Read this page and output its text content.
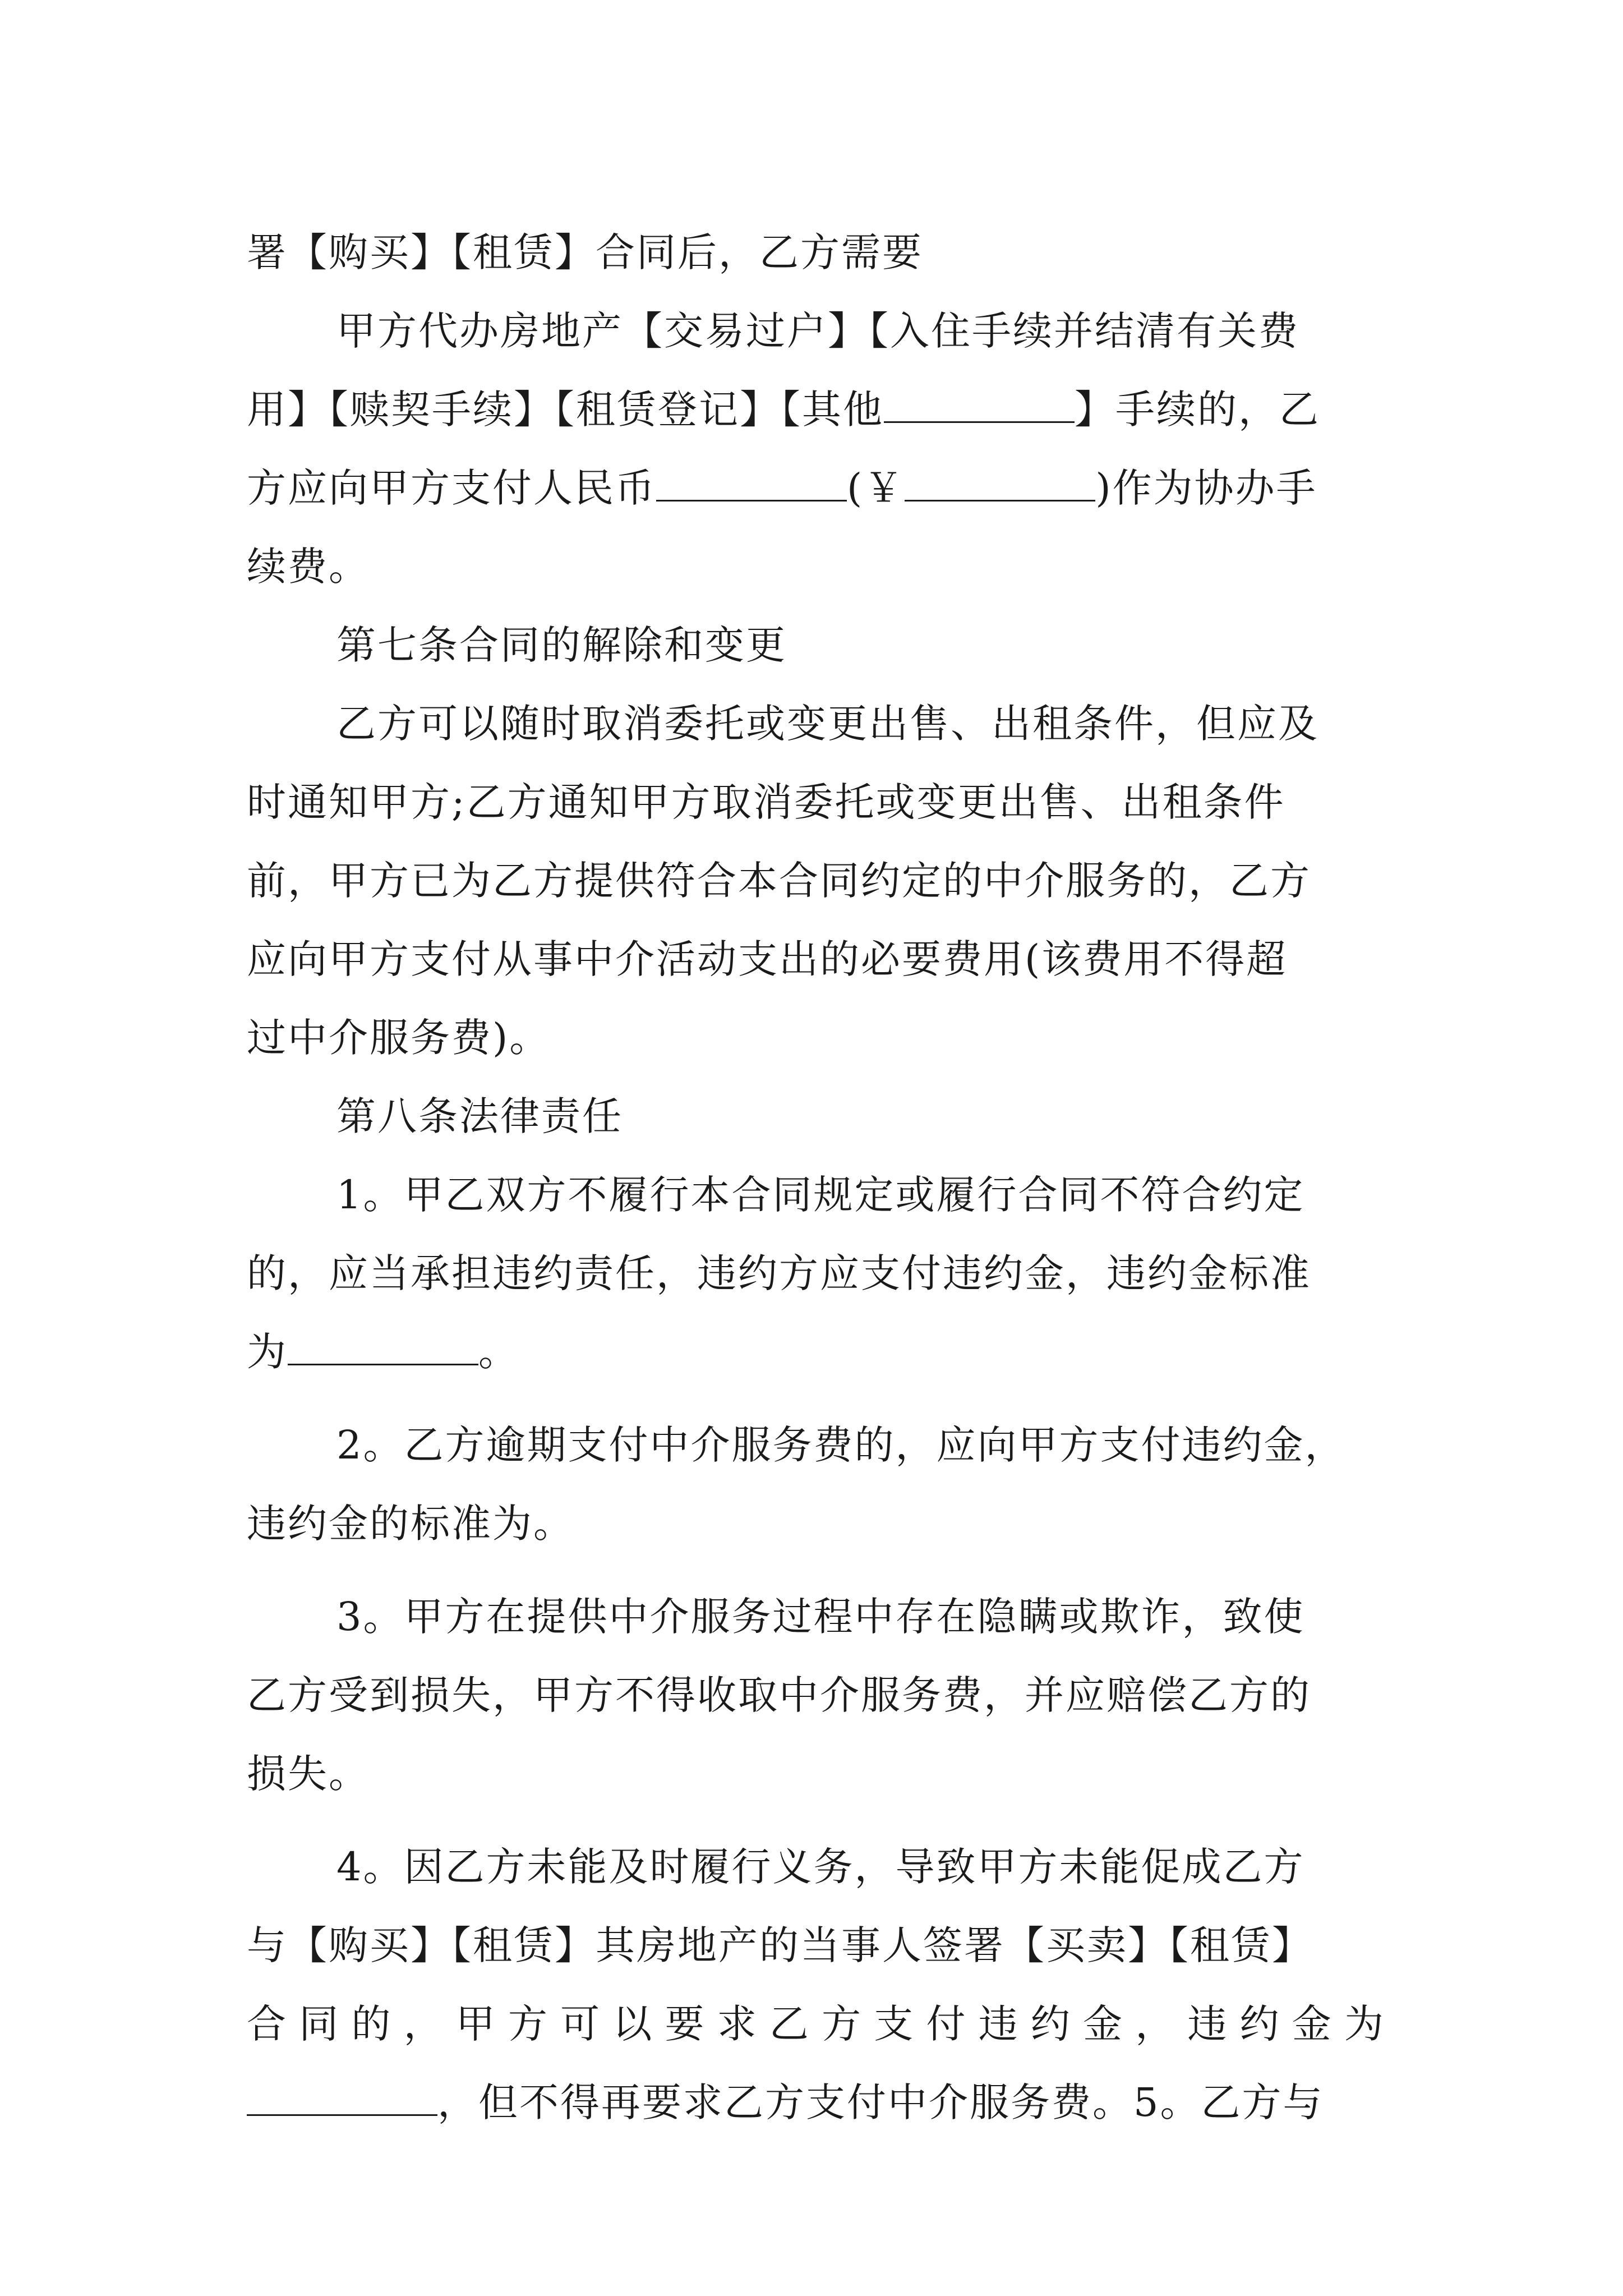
署【购买】【租赁】合同后，乙方需要
甲方代办房地产【交易过户】【入住手续并结清有关费
用】【赎契手续】【租赁登记】【其他	】手续的，乙
方应向甲方支付人民币	(￥	)作为协办手
续费。
第七条合同的解除和变更
乙方可以随时取消委托或变更出售、出租条件，但应及
时通知甲方;乙方通知甲方取消委托或变更出售、出租条件
前，甲方已为乙方提供符合本合同约定的中介服务的，乙方
应向甲方支付从事中介活动支出的必要费用(该费用不得超
过中介服务费)。
第八条法律责任
1。甲乙双方不履行本合同规定或履行合同不符合约定
的，应当承担违约责任，违约方应支付违约金，违约金标准
为	。
2。乙方逾期支付中介服务费的，应向甲方支付违约金，
违约金的标准为。
3。甲方在提供中介服务过程中存在隐瞒或欺诈，致使
乙方受到损失，甲方不得收取中介服务费，并应赔偿乙方的
损失。
4。因乙方未能及时履行义务，导致甲方未能促成乙方
与【购买】【租赁】其房地产的当事人签署【买卖】【租赁】
合同的，甲方可以要求乙方支付违约金，违约金为
，但不得再要求乙方支付中介服务费。5。乙方与
